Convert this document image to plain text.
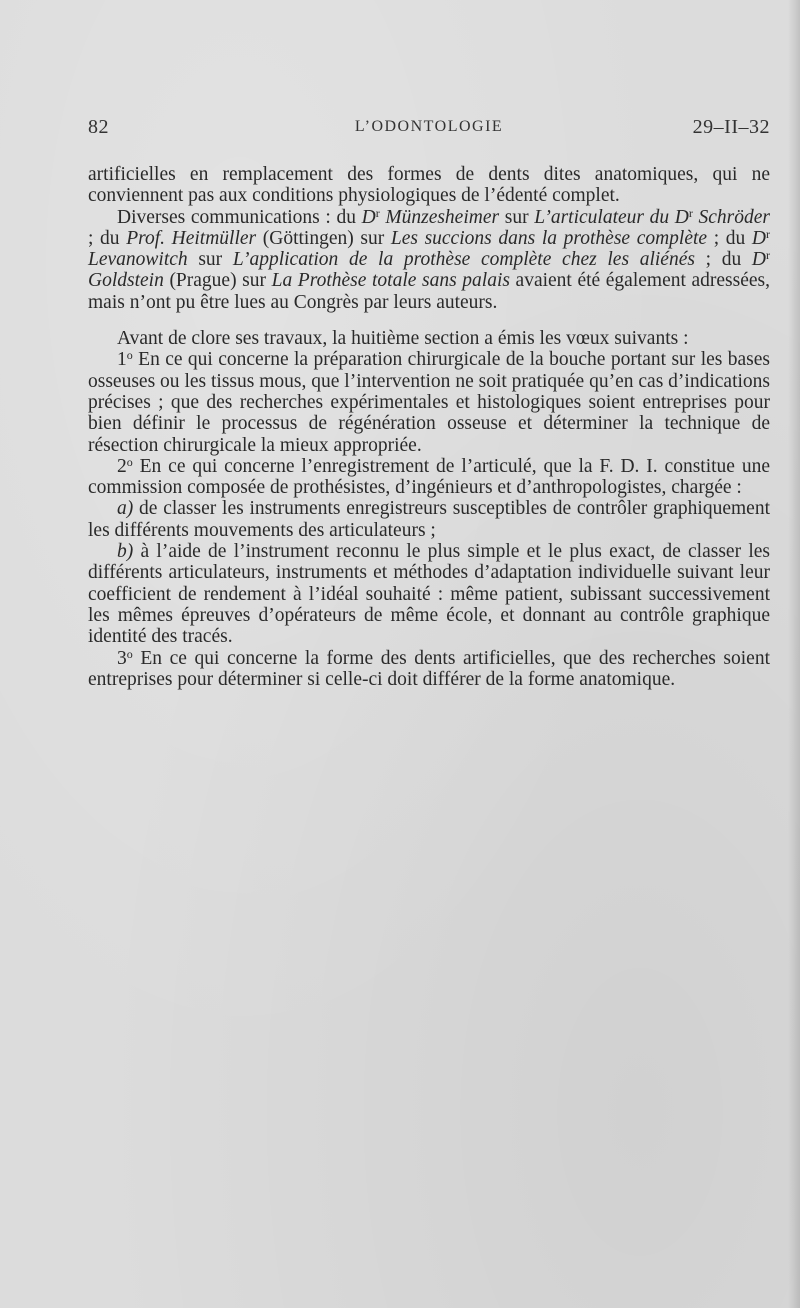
82	L’ODONTOLOGIE	29–II–32

artificielles en remplacement des formes de dents dites anatomiques, qui ne conviennent pas aux conditions physiologiques de l’édenté complet.

Diverses communications : du $D^r$ Münzesheimer sur L’articulateur du $D^r$ Schröder ; du Prof. Heitmüller (Göttingen) sur Les succions dans la prothèse complète ; du $D^r$ Levanowitch sur L’application de la prothèse complète chez les aliénés ; du $D^r$ Goldstein (Prague) sur La Prothèse totale sans palais avaient été également adressées, mais n’ont pu être lues au Congrès par leurs auteurs.

Avant de clore ses travaux, la huitième section a émis les vœux suivants :

1$^o$ En ce qui concerne la préparation chirurgicale de la bouche portant sur les bases osseuses ou les tissus mous, que l’intervention ne soit pratiquée qu’en cas d’indications précises ; que des recherches expérimentales et histologiques soient entreprises pour bien définir le processus de régénération osseuse et déterminer la technique de résection chirurgicale la mieux appropriée.

2$^o$ En ce qui concerne l’enregistrement de l’articulé, que la F. D. I. constitue une commission composée de prothésistes, d’ingénieurs et d’anthropologistes, chargée :

a) de classer les instruments enregistreurs susceptibles de contrôler graphiquement les différents mouvements des articulateurs ;

b) à l’aide de l’instrument reconnu le plus simple et le plus exact, de classer les différents articulateurs, instruments et méthodes d’adaptation individuelle suivant leur coefficient de rendement à l’idéal souhaité : même patient, subissant successivement les mêmes épreuves d’opérateurs de même école, et donnant au contrôle graphique identité des tracés.

3$^o$ En ce qui concerne la forme des dents artificielles, que des recherches soient entreprises pour déterminer si celle-ci doit différer de la forme anatomique.
